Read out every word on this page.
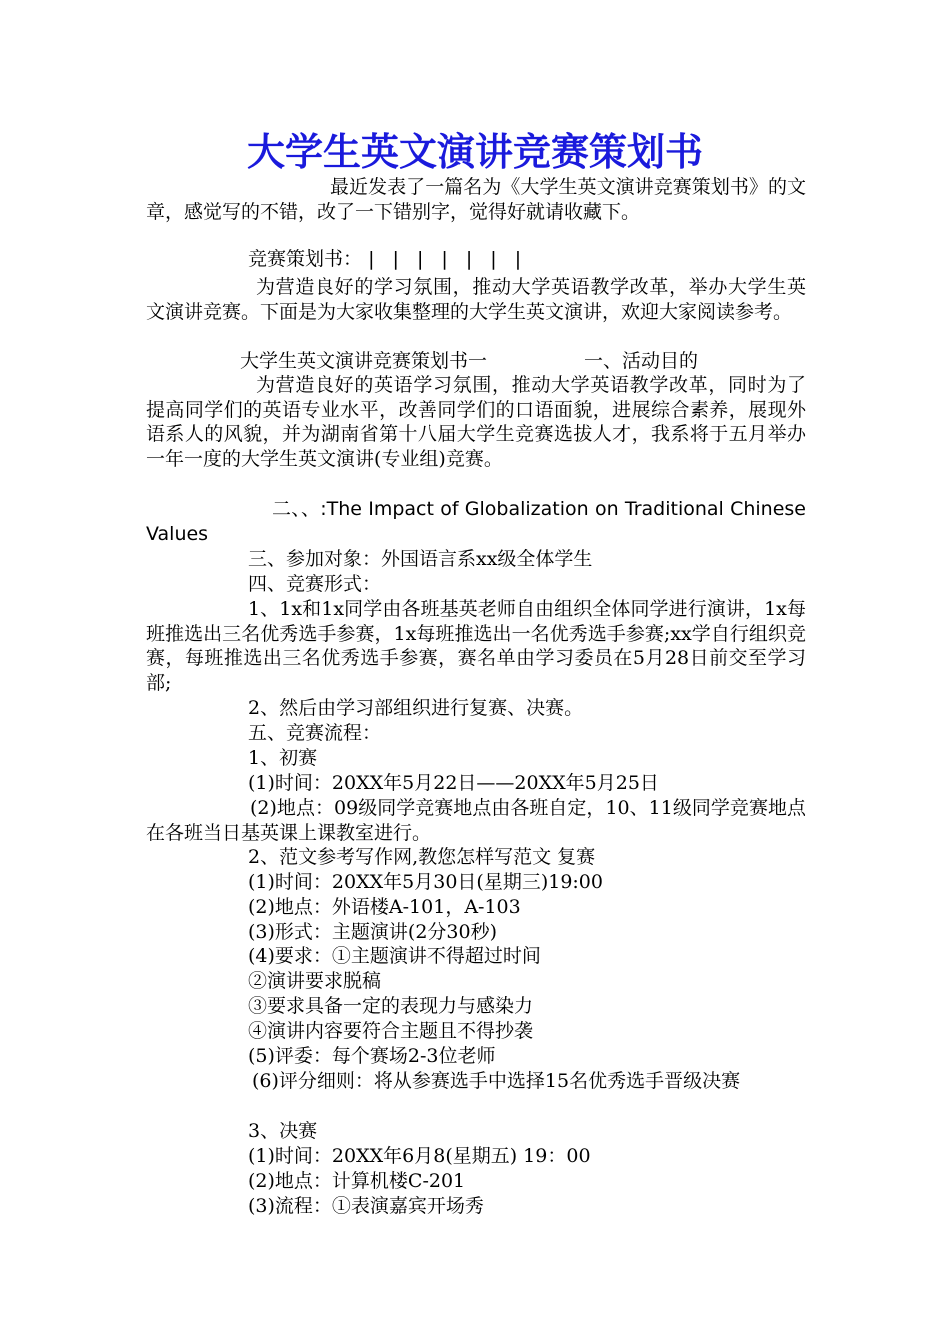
大学生英文演讲竞赛策划书
最近发表了一篇名为《大学生英文演讲竞赛策划书》的文章，感觉写的不错，改了一下错别字，觉得好就请收藏下。
竞赛策划书： | | | | | | |
为营造良好的学习氛围，推动大学英语教学改革，举办大学生英文演讲竞赛。下面是为大家收集整理的大学生英文演讲，欢迎大家阅读参考。
大学生英文演讲竞赛策划书一	一、活动目的
为营造良好的英语学习氛围，推动大学英语教学改革，同时为了提高同学们的英语专业水平，改善同学们的口语面貌，进展综合素养，展现外语系人的风貌，并为湖南省第十八届大学生竞赛选拔人才，我系将于五月举办一年一度的大学生英文演讲(专业组)竞赛。
二、、:The Impact of Globalization on Traditional Chinese Values
三、参加对象：外国语言系xx级全体学生
四、竞赛形式：
1、1x和1x同学由各班基英老师自由组织全体同学进行演讲，1x每班推选出三名优秀选手参赛，1x每班推选出一名优秀选手参赛;xx学自行组织竞赛，每班推选出三名优秀选手参赛，赛名单由学习委员在5月28日前交至学习部;
2、然后由学习部组织进行复赛、决赛。
五、竞赛流程：
1、初赛
(1)时间：20XX年5月22日——20XX年5月25日
(2)地点：09级同学竞赛地点由各班自定，10、11级同学竞赛地点在各班当日基英课上课教室进行。
2、范文参考写作网,教您怎样写范文 复赛
(1)时间：20XX年5月30日(星期三)19:00
(2)地点：外语楼A-101，A-103
(3)形式：主题演讲(2分30秒)
(4)要求：①主题演讲不得超过时间
②演讲要求脱稿
③要求具备一定的表现力与感染力
④演讲内容要符合主题且不得抄袭
(5)评委：每个赛场2-3位老师
(6)评分细则：将从参赛选手中选择15名优秀选手晋级决赛
3、决赛
(1)时间：20XX年6月8(星期五) 19：00
(2)地点：计算机楼C-201
(3)流程：①表演嘉宾开场秀
